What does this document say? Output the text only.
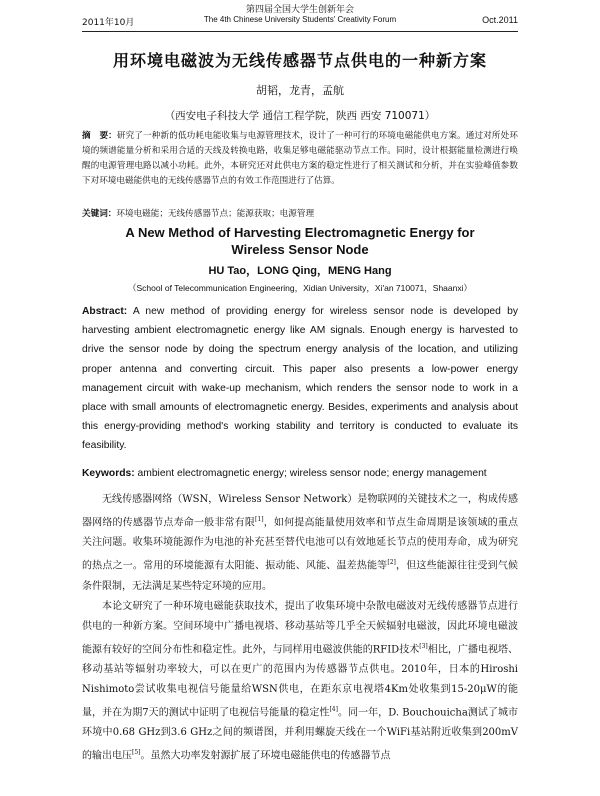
第四届全国大学生创新年会
2011年10月	The 4th Chinese University Students' Creativity Forum	Oct.2011
用环境电磁波为无线传感器节点供电的一种新方案
胡韬，龙青，孟航
（西安电子科技大学 通信工程学院，陕西 西安 710071）
摘　要：研究了一种新的低功耗电能收集与电源管理技术，设计了一种可行的环境电磁能供电方案。通过对所处环境的频谱能量分析和采用合适的天线及转换电路，收集足够电磁能驱动节点工作。同时，设计根据能量检测进行唤醒的电源管理电路以减小功耗。此外，本研究还对此供电方案的稳定性进行了相关测试和分析，并在实验峰值参数下对环境电磁能供电的无线传感器节点的有效工作范围进行了估算。
关键词：环境电磁能；无线传感器节点；能源获取；电源管理
A New Method of Harvesting Electromagnetic Energy for
Wireless Sensor Node
HU Tao，LONG Qing，MENG Hang
（School of Telecommunication Engineering，Xidian University，Xi'an 710071，Shaanxi）
Abstract: A new method of providing energy for wireless sensor node is developed by harvesting ambient electromagnetic energy like AM signals. Enough energy is harvested to drive the sensor node by doing the spectrum energy analysis of the location, and utilizing proper antenna and converting circuit. This paper also presents a low-power energy management circuit with wake-up mechanism, which renders the sensor node to work in a place with small amounts of electromagnetic energy. Besides, experiments and analysis about this energy-providing method's working stability and territory is conducted to evaluate its feasibility.
Keywords: ambient electromagnetic energy; wireless sensor node; energy management

无线传感器网络（WSN，Wireless Sensor Network）是物联网的关键技术之一，构成传感器网络的传感器节点寿命一般非常有限[1]，如何提高能量使用效率和节点生命周期是该领域的重点关注问题。收集环境能源作为电池的补充甚至替代电池可以有效地延长节点的使用寿命，成为研究的热点之一。常用的环境能源有太阳能、振动能、风能、温差热能等[2]，但这些能源往往受到气候条件限制，无法满足某些特定环境的应用。

本论文研究了一种环境电磁能获取技术，提出了收集环境中杂散电磁波对无线传感器节点进行供电的一种新方案。空间环境中广播电视塔、移动基站等几乎全天候辐射电磁波，因此环境电磁波能源有较好的空间分布性和稳定性。此外，与同样用电磁波供能的RFID技术[3]相比，广播电视塔、移动基站等辐射功率较大，可以在更广的范围内为传感器节点供电。2010年，日本的Hiroshi Nishimoto尝试收集电视信号能量给WSN供电，在距东京电视塔4Km处收集到15-20μW的能量，并在为期7天的测试中证明了电视信号能量的稳定性[4]。同一年，D. Bouchouicha测试了城市环境中0.68 GHz到3.6 GHz之间的频谱图，并利用螺旋天线在一个WiFi基站附近收集到200mV的输出电压[5]。虽然大功率发射源扩展了环境电磁能供电的传感器节点
